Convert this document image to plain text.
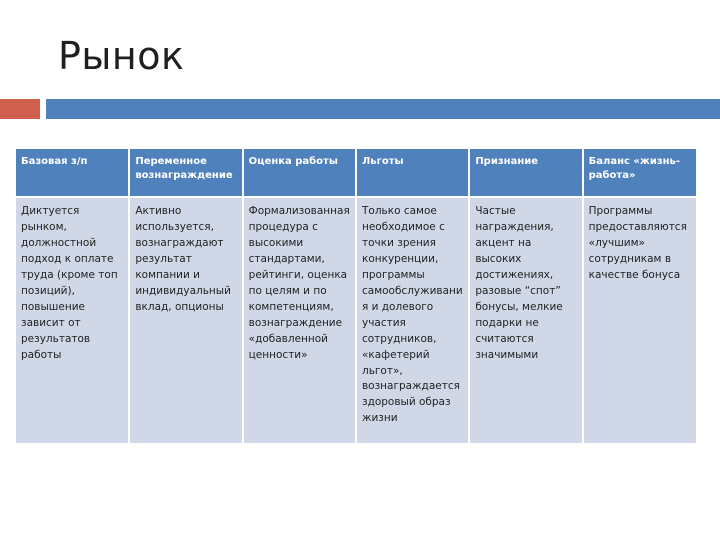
Рынок
Базовая з/п	Переменное вознаграждение	Оценка работы	Льготы	Признание	Баланс «жизнь-работа»
Диктуется рынком, должностной подход к оплате труда (кроме топ позиций), повышение зависит от результатов работы	Активно используется, вознаграждают результат компании и индивидуальный вклад, опционы	Формализованная процедура с высокими стандартами, рейтинги, оценка по целям и по компетенциям, вознаграждение «добавленной ценности»	Только самое необходимое с точки зрения конкуренции, программы самообслуживания и долевого участия сотрудников, «кафетерий льгот», вознаграждается здоровый образ жизни	Частые награждения, акцент на высоких достижениях, разовые “спот” бонусы, мелкие подарки не считаются значимыми	Программы предоставляются «лучшим» сотрудникам в качестве бонуса
